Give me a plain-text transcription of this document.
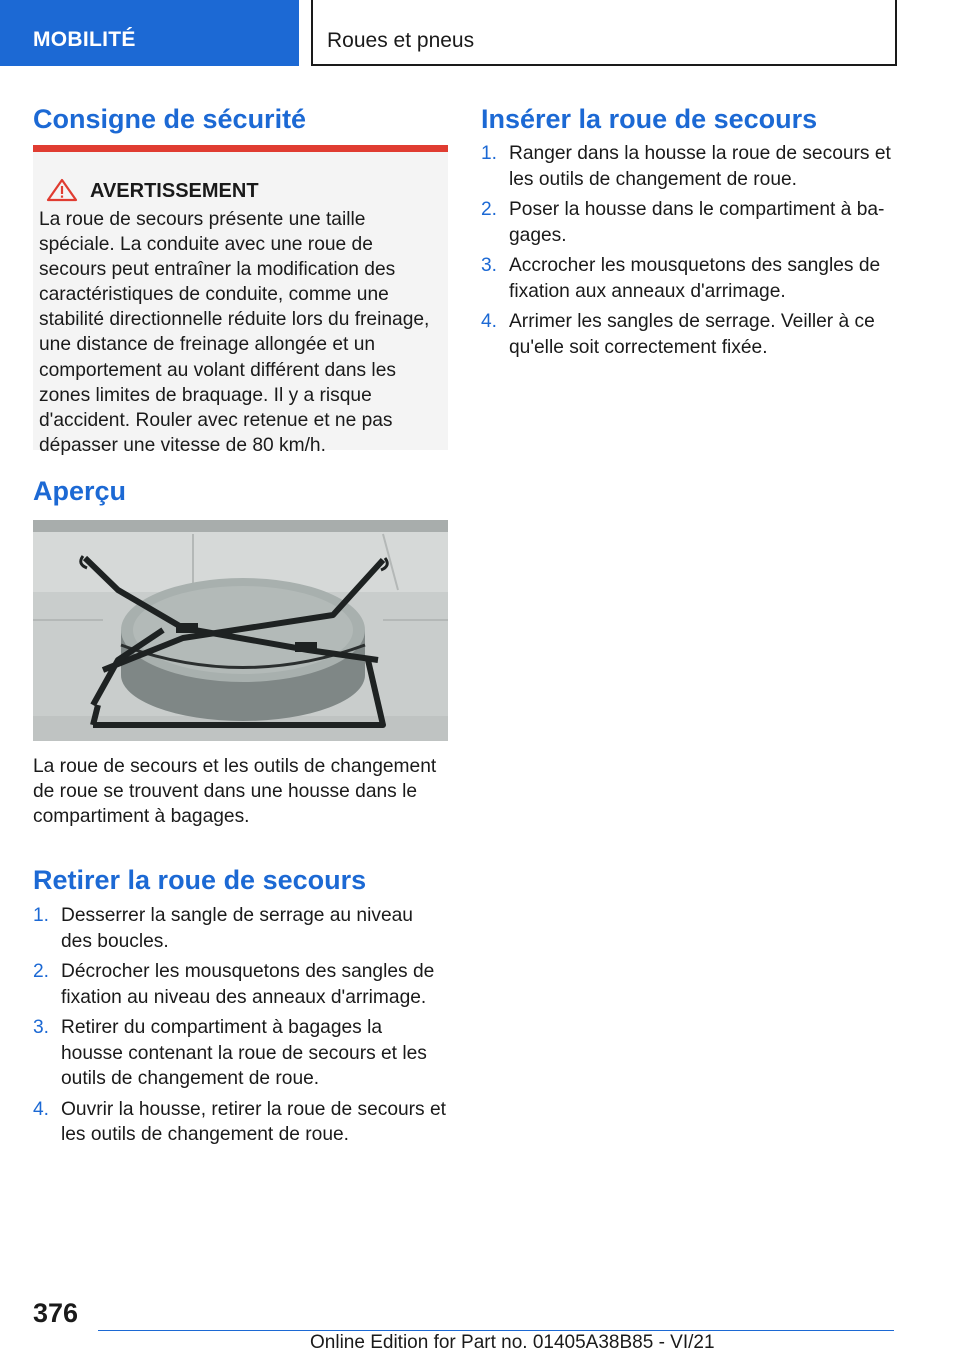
MOBILITÉ	Roues et pneus
Consigne de sécurité
AVERTISSEMENT
La roue de secours présente une taille spéciale. La conduite avec une roue de secours peut entraîner la modification des caractéristiques de conduite, comme une stabilité directionnelle réduite lors du freinage, une distance de freinage allongée et un comportement au volant différent dans les zones limites de braquage. Il y a risque d'accident. Rouler avec retenue et ne pas dépasser une vitesse de 80 km/h.
Aperçu
La roue de secours et les outils de changement de roue se trouvent dans une housse dans le compartiment à bagages.
Retirer la roue de secours
1. Desserrer la sangle de serrage au niveau des boucles.
2. Décrocher les mousquetons des sangles de fixation au niveau des anneaux d'arrimage.
3. Retirer du compartiment à bagages la housse contenant la roue de secours et les outils de changement de roue.
4. Ouvrir la housse, retirer la roue de secours et les outils de changement de roue.
Insérer la roue de secours
1. Ranger dans la housse la roue de secours et les outils de changement de roue.
2. Poser la housse dans le compartiment à bagages.
3. Accrocher les mousquetons des sangles de fixation aux anneaux d'arrimage.
4. Arrimer les sangles de serrage. Veiller à ce qu'elle soit correctement fixée.
376
Online Edition for Part no. 01405A38B85 - VI/21
